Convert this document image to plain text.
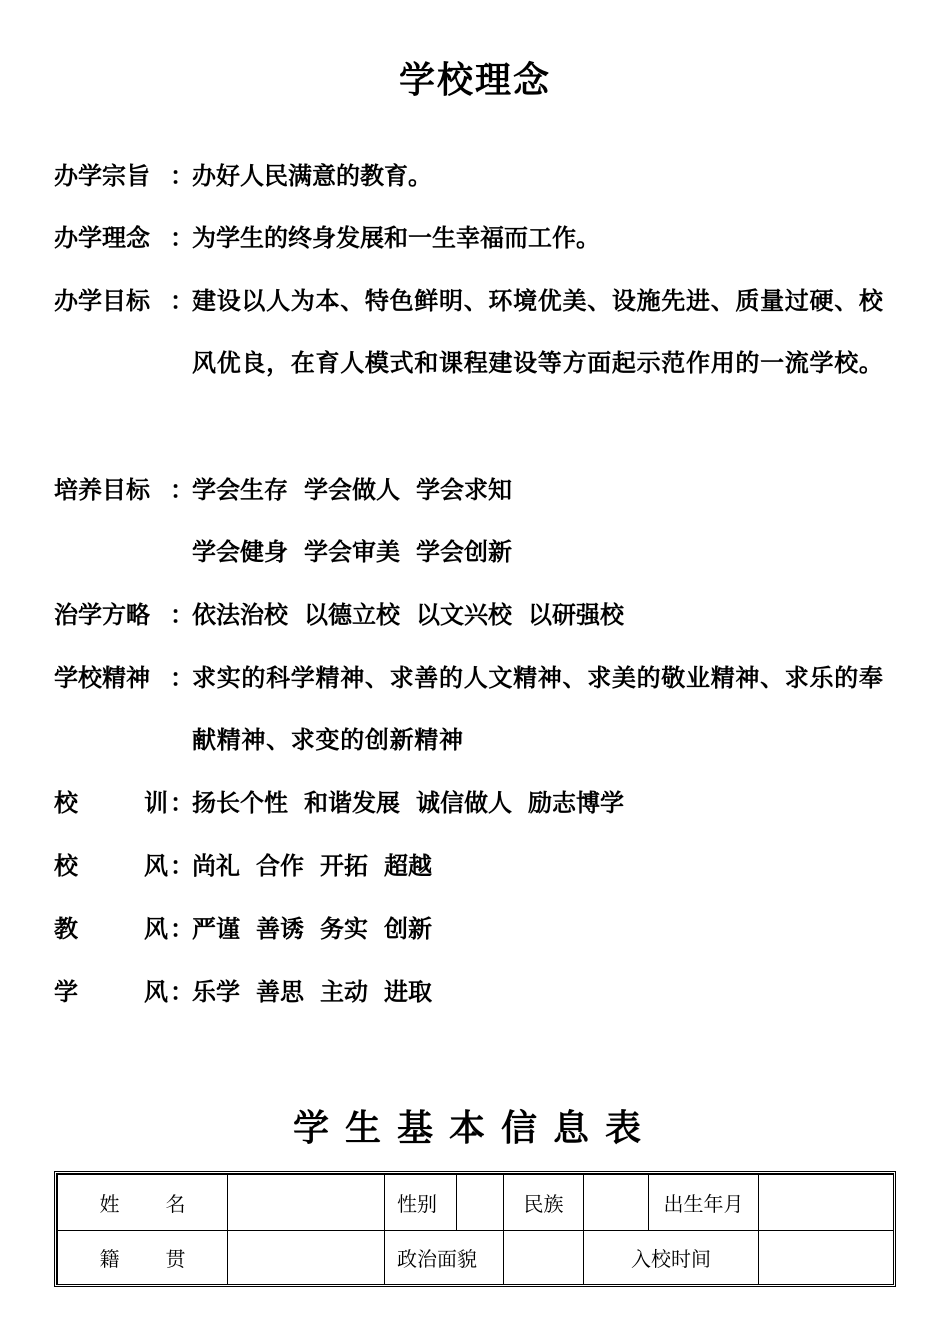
学校理念
办学宗旨 ：
办好人民满意的教育。
办学理念 ：
为学生的终身发展和一生幸福而工作。
办学目标 ：
建设以人为本、特色鲜明、环境优美、设施先进、质量过硬、校风优良，在育人模式和课程建设等方面起示范作用的一流学校。
培养目标 ：
学会生存 学会做人 学会求知
学会健身 学会审美 学会创新
治学方略 ：
依法治校 以德立校 以文兴校 以研强校
学校精神 ：
求实的科学精神、求善的人文精神、求美的敬业精神、求乐的奉献精神、求变的创新精神
校	训 ：
扬长个性 和谐发展 诚信做人 励志博学
校	风 ：
尚礼 合作 开拓 超越
教	风 ：
严谨 善诱 务实 创新
学	风 ：
乐学 善思 主动 进取
学生基本信息表
姓 名		性别		民族		出生年月	
籍 贯		政治面貌			入校时间		
